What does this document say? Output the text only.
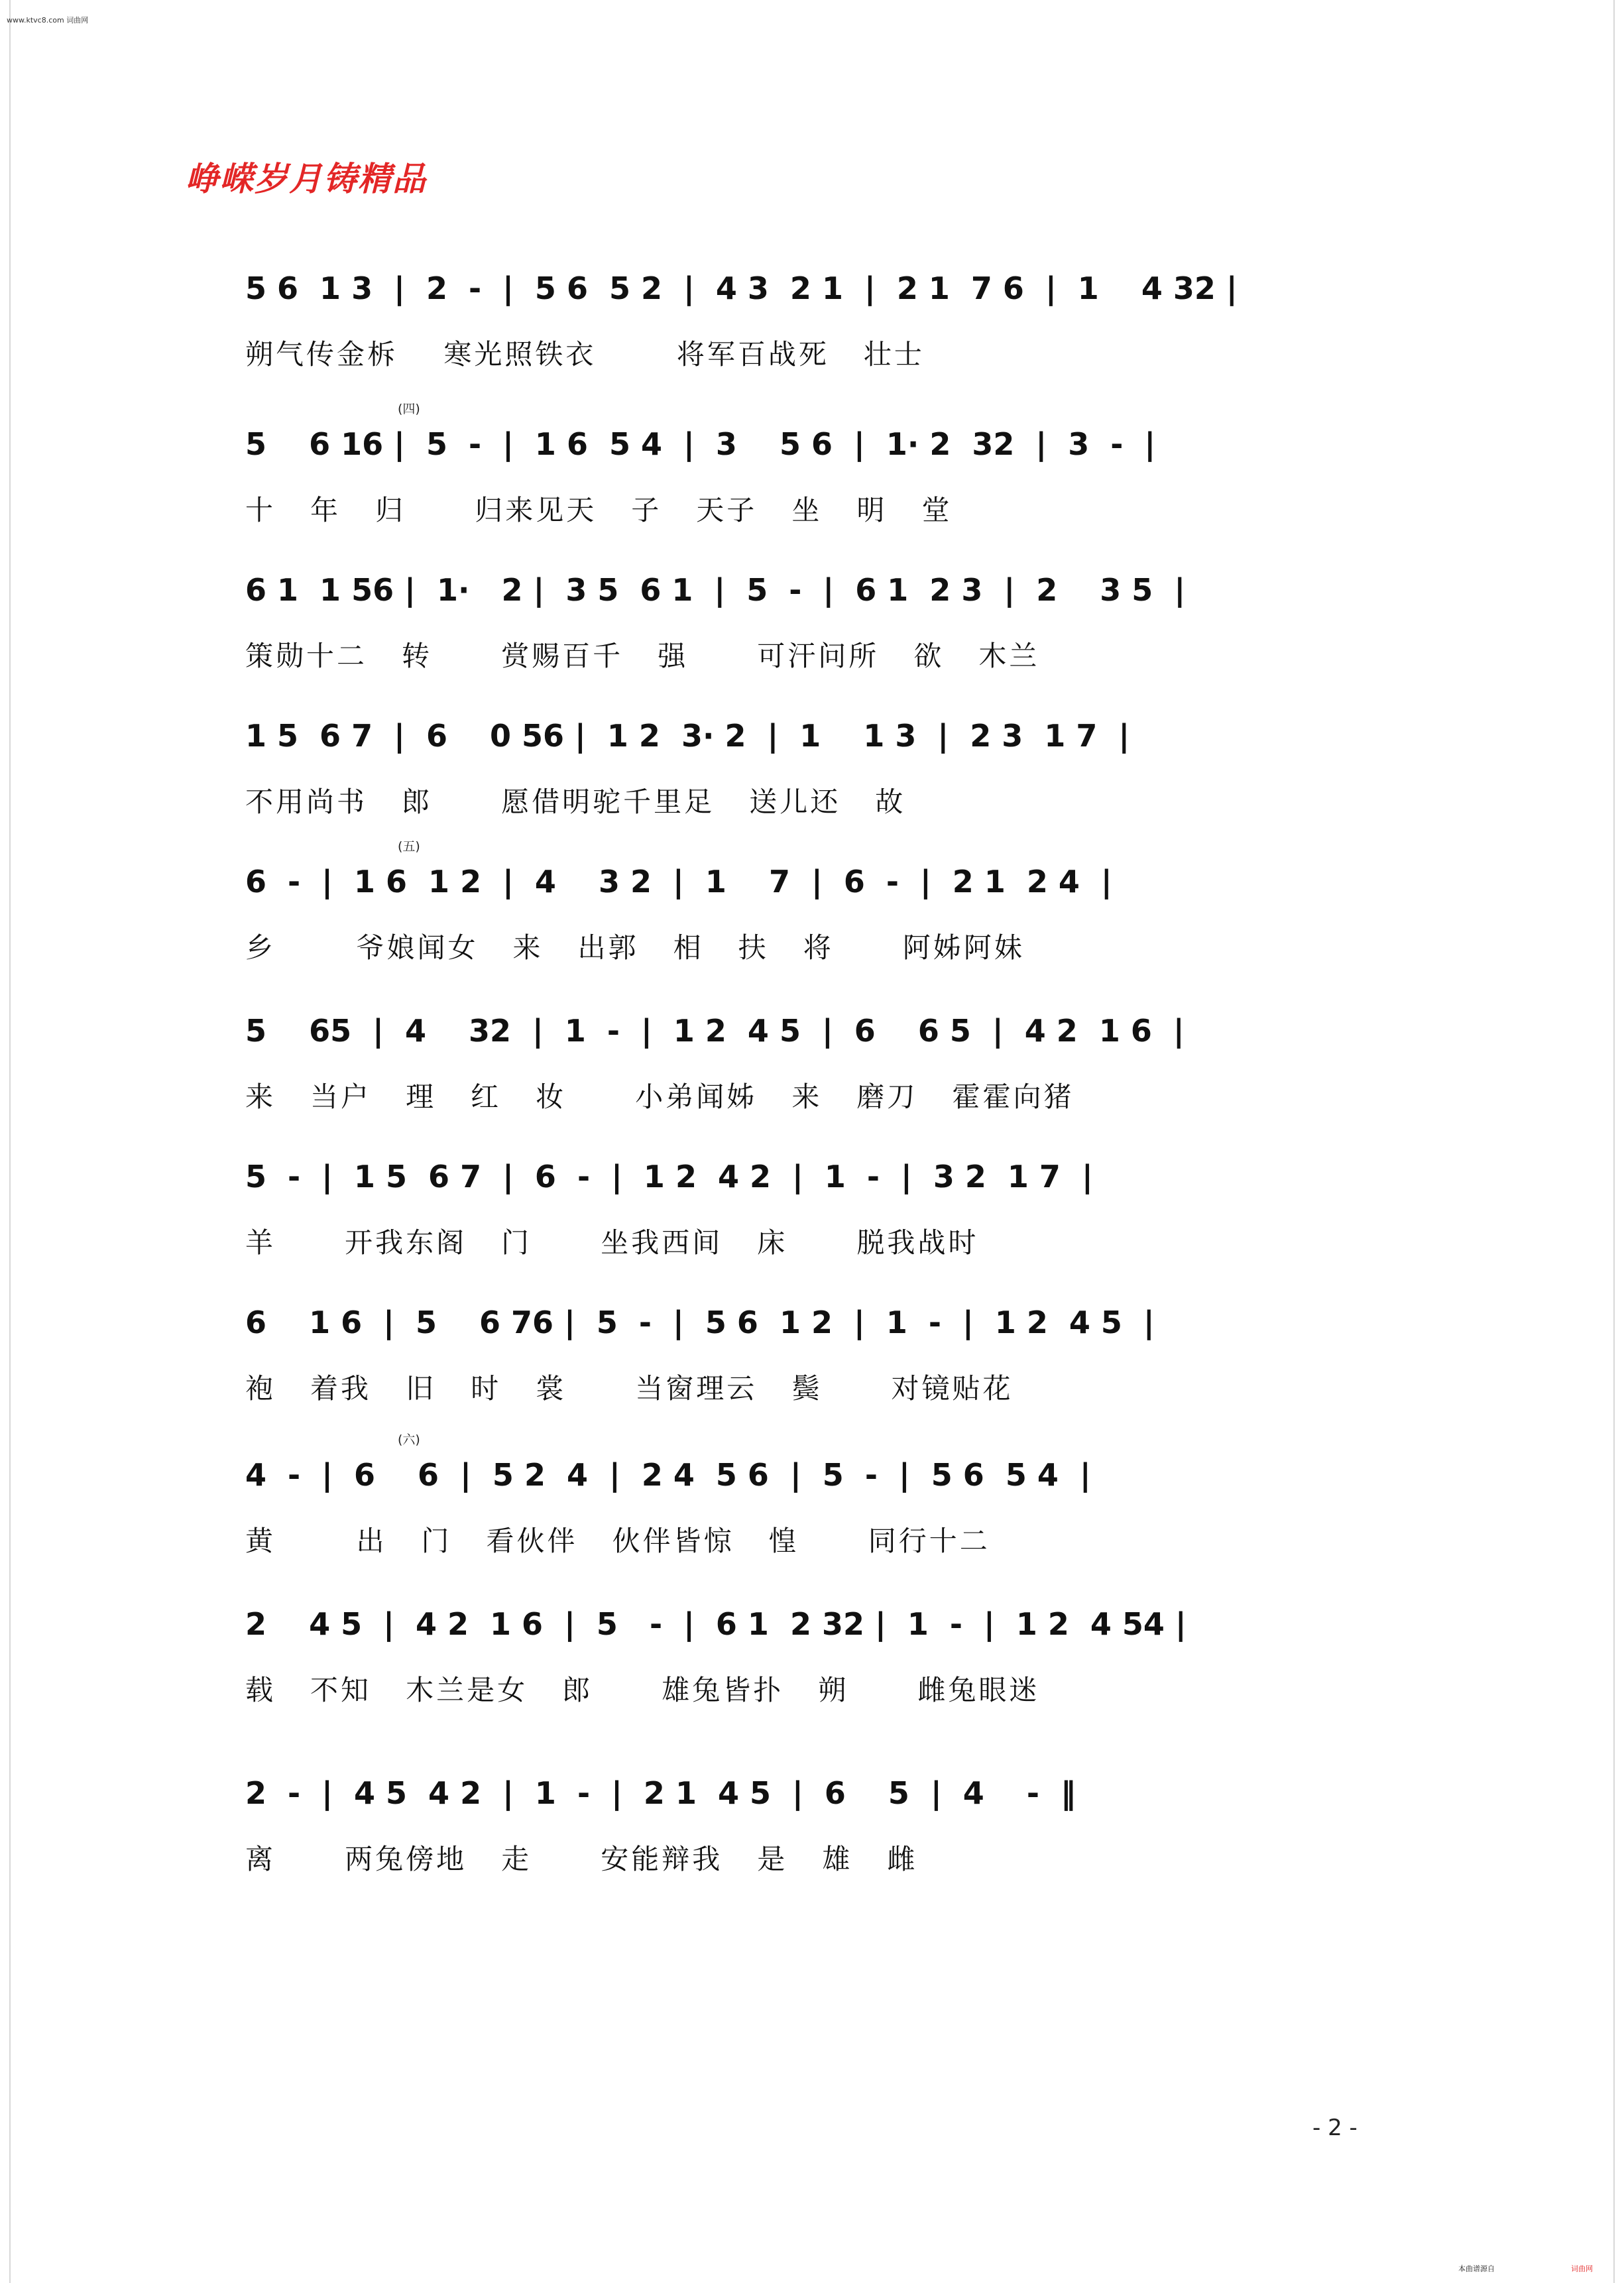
www.ktvc8.com 词曲网
峥嵘岁月铸精品
5 6  1 3  |  2  -  |  5 6  5 2  |  4 3  2 1  |  2 1  7 6  |  1    4 32 |
朔气传金柝    寒光照铁衣       将军百战死   壮士
(四)
5    6 16 |  5  -  |  1 6  5 4  |  3    5 6  |  1· 2  32  |  3  -  |
十   年   归      归来见天   子   天子   坐   明   堂
6 1  1 56 |  1·   2 |  3 5  6 1  |  5  -  |  6 1  2 3  |  2    3 5  |
策勋十二   转      赏赐百千   强      可汗问所   欲   木兰
1 5  6 7  |  6    0 56 |  1 2  3· 2  |  1    1 3  |  2 3  1 7  |
不用尚书   郎      愿借明驼千里足   送儿还   故
(五)
6  -  |  1 6  1 2  |  4    3 2  |  1    7  |  6  -  |  2 1  2 4  |
乡       爷娘闻女   来   出郭   相   扶   将      阿姊阿妹
5    65  |  4    32  |  1  -  |  1 2  4 5  |  6    6 5  |  4 2  1 6  |
来   当户   理   红   妆      小弟闻姊   来   磨刀   霍霍向猪
5  -  |  1 5  6 7  |  6  -  |  1 2  4 2  |  1  -  |  3 2  1 7  |
羊      开我东阁   门      坐我西间   床      脱我战时
6    1 6  |  5    6 76 |  5  -  |  5 6  1 2  |  1  -  |  1 2  4 5  |
袍   着我   旧   时   裳      当窗理云   鬓      对镜贴花
(六)
4  -  |  6    6  |  5 2  4  |  2 4  5 6  |  5  -  |  5 6  5 4  |
黄       出   门   看伙伴   伙伴皆惊   惶      同行十二
2    4 5  |  4 2  1 6  |  5   -  |  6 1  2 32 |  1  -  |  1 2  4 54 |
载   不知   木兰是女   郎      雄兔皆扑   朔      雌兔眼迷
2  -  |  4 5  4 2  |  1  -  |  2 1  4 5  |  6    5  |  4    -  ‖
离      两兔傍地   走      安能辩我   是   雄   雌
- 2 -
本曲谱源自	词曲网
